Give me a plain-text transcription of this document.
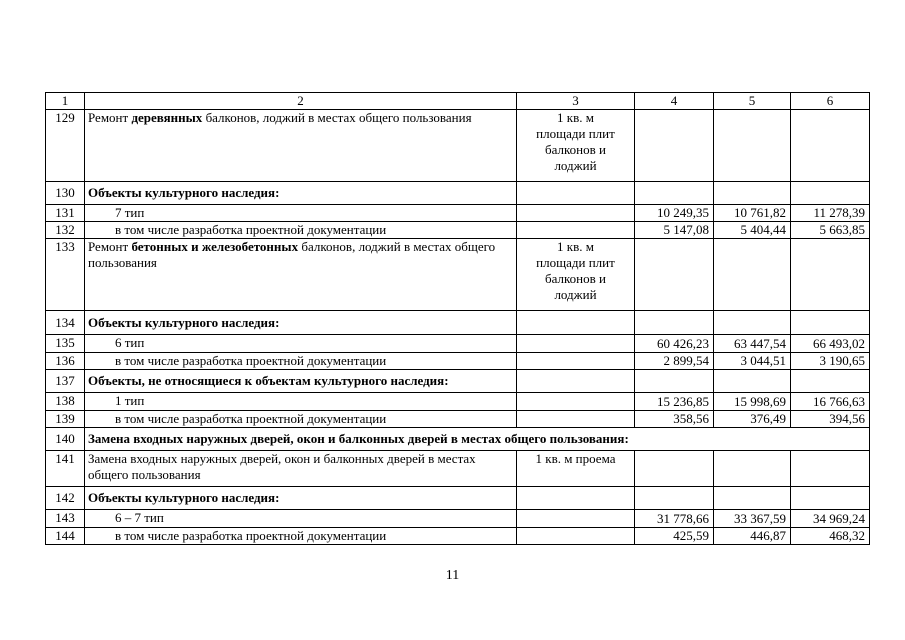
1	2	3	4	5	6
129	Ремонт деревянных балконов, лоджий в местах общего пользования	1 кв. м площади плит балконов и лоджий			
130	Объекты культурного наследия:				
131	7 тип		10 249,35	10 761,82	11 278,39
132	в том числе разработка проектной документации		5 147,08	5 404,44	5 663,85
133	Ремонт бетонных и железобетонных балконов, лоджий в местах общего пользования	1 кв. м площади плит балконов и лоджий			
134	Объекты культурного наследия:				
135	6 тип		60 426,23	63 447,54	66 493,02
136	в том числе разработка проектной документации		2 899,54	3 044,51	3 190,65
137	Объекты, не относящиеся к объектам культурного наследия:				
138	1 тип		15 236,85	15 998,69	16 766,63
139	в том числе разработка проектной документации		358,56	376,49	394,56
140	Замена входных наружных дверей, окон и балконных дверей в местах общего пользования:				
141	Замена входных наружных дверей, окон и балконных дверей в местах общего пользования	1 кв. м проема			
142	Объекты культурного наследия:				
143	6 – 7 тип		31 778,66	33 367,59	34 969,24
144	в том числе разработка проектной документации		425,59	446,87	468,32
11
